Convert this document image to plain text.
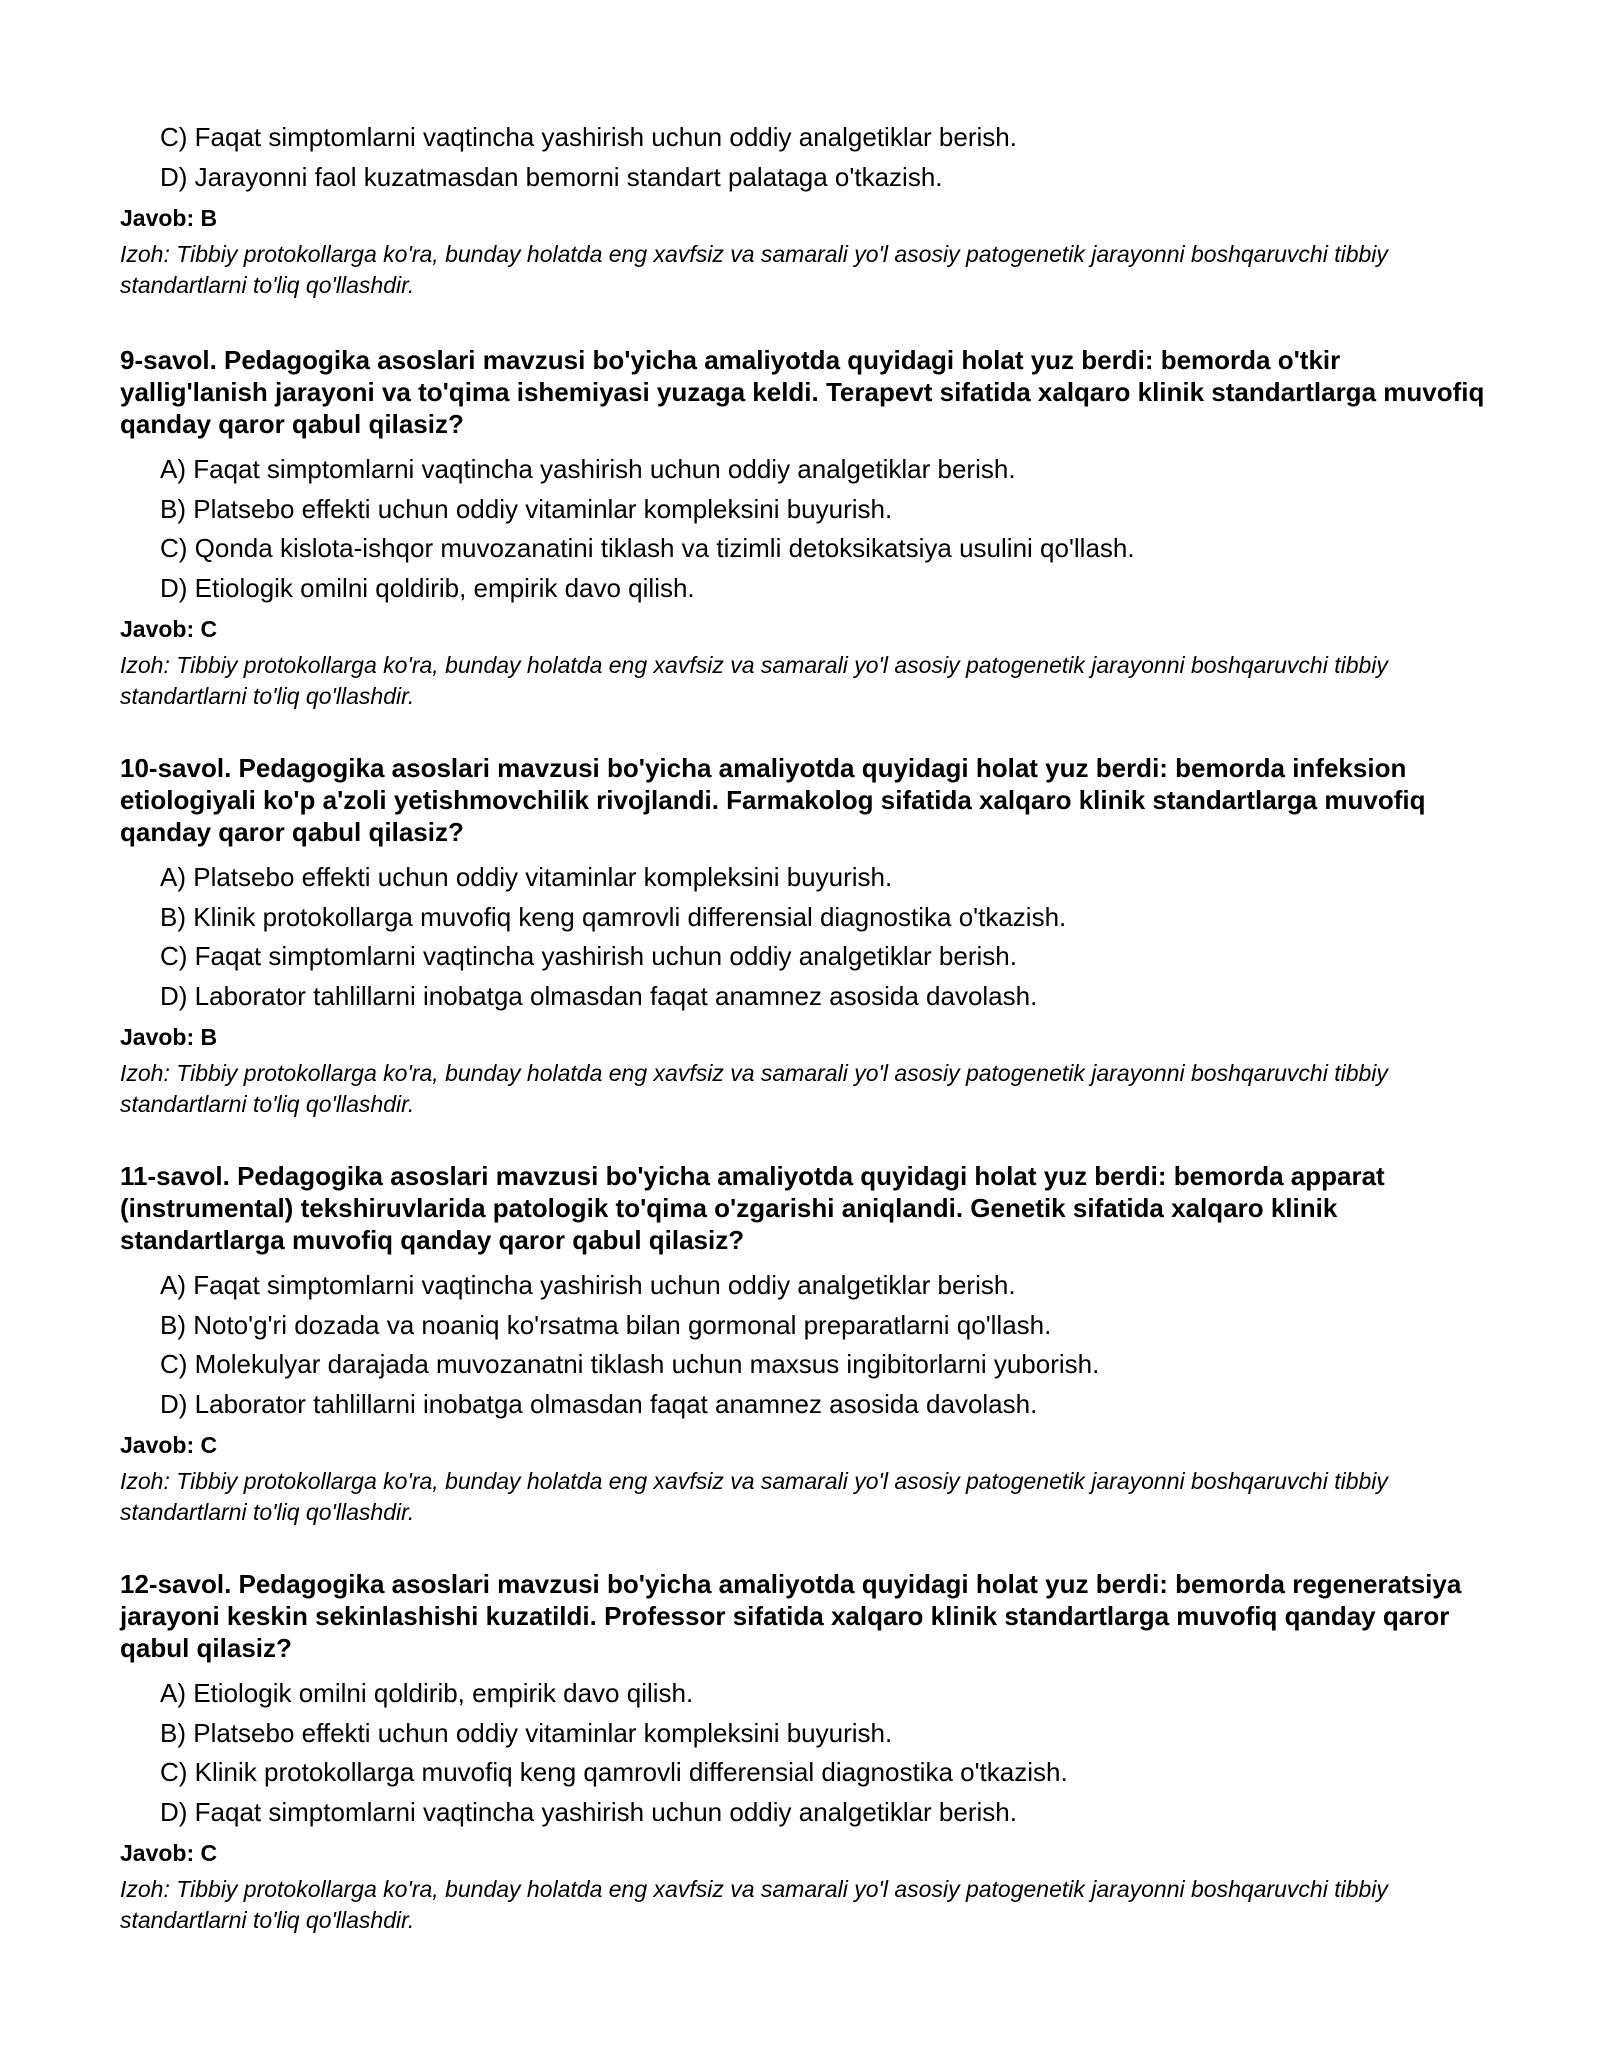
C) Faqat simptomlarni vaqtincha yashirish uchun oddiy analgetiklar berish.
D) Jarayonni faol kuzatmasdan bemorni standart palataga o'tkazish.
Javob: B
Izoh: Tibbiy protokollarga ko'ra, bunday holatda eng xavfsiz va samarali yo'l asosiy patogenetik jarayonni boshqaruvchi tibbiy standartlarni to'liq qo'llashdir.
9-savol. Pedagogika asoslari mavzusi bo'yicha amaliyotda quyidagi holat yuz berdi: bemorda o'tkir yallig'lanish jarayoni va to'qima ishemiyasi yuzaga keldi. Terapevt sifatida xalqaro klinik standartlarga muvofiq qanday qaror qabul qilasiz?
A) Faqat simptomlarni vaqtincha yashirish uchun oddiy analgetiklar berish.
B) Platsebo effekti uchun oddiy vitaminlar kompleksini buyurish.
C) Qonda kislota-ishqor muvozanatini tiklash va tizimli detoksikatsiya usulini qo'llash.
D) Etiologik omilni qoldirib, empirik davo qilish.
Javob: C
Izoh: Tibbiy protokollarga ko'ra, bunday holatda eng xavfsiz va samarali yo'l asosiy patogenetik jarayonni boshqaruvchi tibbiy standartlarni to'liq qo'llashdir.
10-savol. Pedagogika asoslari mavzusi bo'yicha amaliyotda quyidagi holat yuz berdi: bemorda infeksion etiologiyali ko'p a'zoli yetishmovchilik rivojlandi. Farmakolog sifatida xalqaro klinik standartlarga muvofiq qanday qaror qabul qilasiz?
A) Platsebo effekti uchun oddiy vitaminlar kompleksini buyurish.
B) Klinik protokollarga muvofiq keng qamrovli differensial diagnostika o'tkazish.
C) Faqat simptomlarni vaqtincha yashirish uchun oddiy analgetiklar berish.
D) Laborator tahlillarni inobatga olmasdan faqat anamnez asosida davolash.
Javob: B
Izoh: Tibbiy protokollarga ko'ra, bunday holatda eng xavfsiz va samarali yo'l asosiy patogenetik jarayonni boshqaruvchi tibbiy standartlarni to'liq qo'llashdir.
11-savol. Pedagogika asoslari mavzusi bo'yicha amaliyotda quyidagi holat yuz berdi: bemorda apparat (instrumental) tekshiruvlarida patologik to'qima o'zgarishi aniqlandi. Genetik sifatida xalqaro klinik standartlarga muvofiq qanday qaror qabul qilasiz?
A) Faqat simptomlarni vaqtincha yashirish uchun oddiy analgetiklar berish.
B) Noto'g'ri dozada va noaniq ko'rsatma bilan gormonal preparatlarni qo'llash.
C) Molekulyar darajada muvozanatni tiklash uchun maxsus ingibitorlarni yuborish.
D) Laborator tahlillarni inobatga olmasdan faqat anamnez asosida davolash.
Javob: C
Izoh: Tibbiy protokollarga ko'ra, bunday holatda eng xavfsiz va samarali yo'l asosiy patogenetik jarayonni boshqaruvchi tibbiy standartlarni to'liq qo'llashdir.
12-savol. Pedagogika asoslari mavzusi bo'yicha amaliyotda quyidagi holat yuz berdi: bemorda regeneratsiya jarayoni keskin sekinlashishi kuzatildi. Professor sifatida xalqaro klinik standartlarga muvofiq qanday qaror qabul qilasiz?
A) Etiologik omilni qoldirib, empirik davo qilish.
B) Platsebo effekti uchun oddiy vitaminlar kompleksini buyurish.
C) Klinik protokollarga muvofiq keng qamrovli differensial diagnostika o'tkazish.
D) Faqat simptomlarni vaqtincha yashirish uchun oddiy analgetiklar berish.
Javob: C
Izoh: Tibbiy protokollarga ko'ra, bunday holatda eng xavfsiz va samarali yo'l asosiy patogenetik jarayonni boshqaruvchi tibbiy standartlarni to'liq qo'llashdir.
